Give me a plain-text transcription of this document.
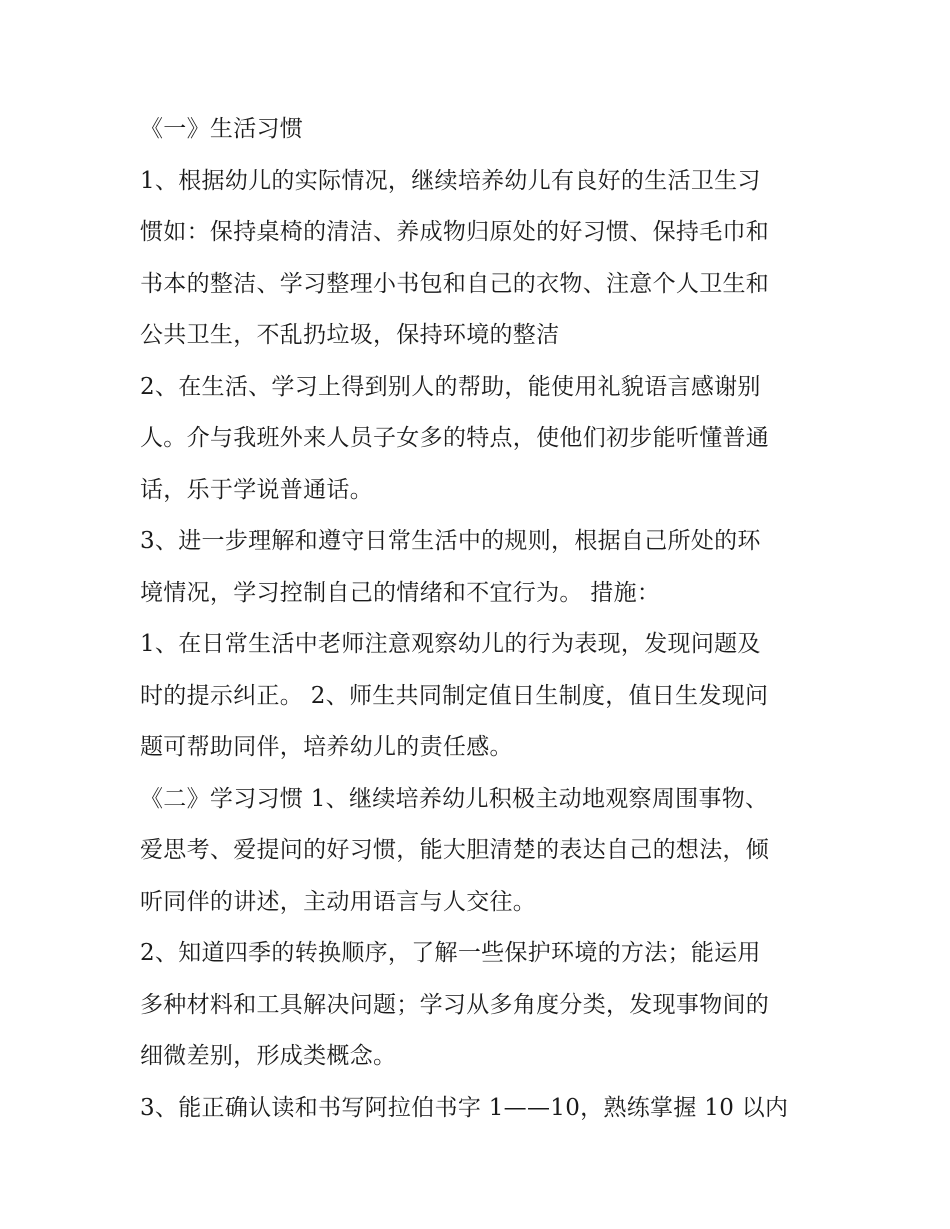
《一》生活习惯
1、根据幼儿的实际情况，继续培养幼儿有良好的生活卫生习
惯如：保持桌椅的清洁、养成物归原处的好习惯、保持毛巾和
书本的整洁、学习整理小书包和自己的衣物、注意个人卫生和
公共卫生，不乱扔垃圾，保持环境的整洁
2、在生活、学习上得到别人的帮助，能使用礼貌语言感谢别
人。介与我班外来人员子女多的特点，使他们初步能听懂普通
话，乐于学说普通话。
3、进一步理解和遵守日常生活中的规则，根据自己所处的环
境情况，学习控制自己的情绪和不宜行为。 措施：
1、在日常生活中老师注意观察幼儿的行为表现，发现问题及
时的提示纠正。 2、师生共同制定值日生制度，值日生发现问
题可帮助同伴，培养幼儿的责任感。
《二》学习习惯 1、继续培养幼儿积极主动地观察周围事物、
爱思考、爱提问的好习惯，能大胆清楚的表达自己的想法，倾
听同伴的讲述，主动用语言与人交往。
2、知道四季的转换顺序，了解一些保护环境的方法；能运用
多种材料和工具解决问题；学习从多角度分类，发现事物间的
细微差别，形成类概念。
3、能正确认读和书写阿拉伯书字 1——10，熟练掌握 10 以内
